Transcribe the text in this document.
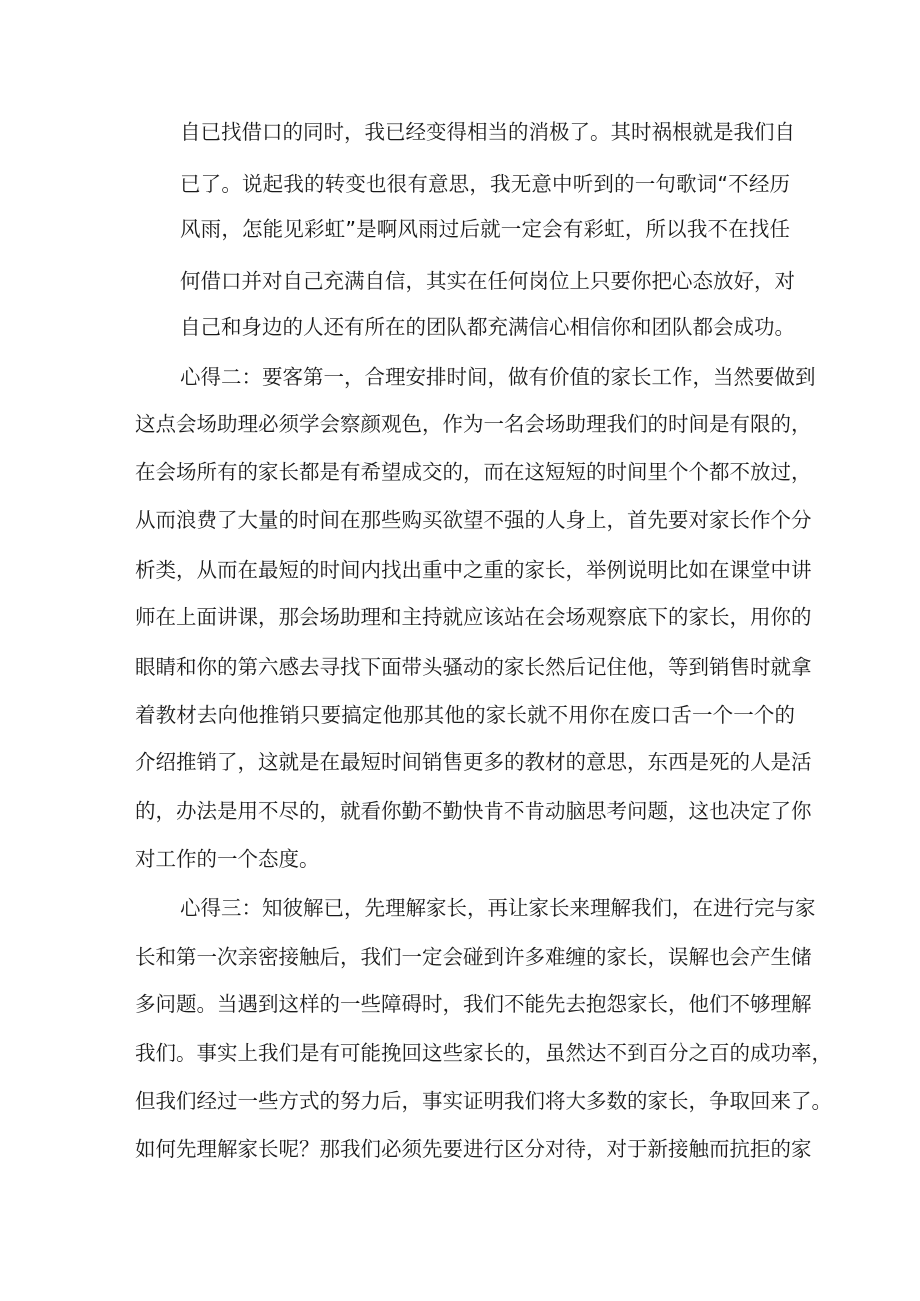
自已找借口的同时，我已经变得相当的消极了。其时祸根就是我们自
已了。说起我的转变也很有意思，我无意中听到的一句歌词“不经历
风雨，怎能见彩虹”是啊风雨过后就一定会有彩虹，所以我不在找任
何借口并对自己充满自信，其实在任何岗位上只要你把心态放好，对
自己和身边的人还有所在的团队都充满信心相信你和团队都会成功。
心得二：要客第一，合理安排时间，做有价值的家长工作，当然要做到
这点会场助理必须学会察颜观色，作为一名会场助理我们的时间是有限的，
在会场所有的家长都是有希望成交的，而在这短短的时间里个个都不放过，
从而浪费了大量的时间在那些购买欲望不强的人身上，首先要对家长作个分
析类，从而在最短的时间内找出重中之重的家长，举例说明比如在课堂中讲
师在上面讲课，那会场助理和主持就应该站在会场观察底下的家长，用你的
眼睛和你的第六感去寻找下面带头骚动的家长然后记住他，等到销售时就拿
着教材去向他推销只要搞定他那其他的家长就不用你在废口舌一个一个的
介绍推销了，这就是在最短时间销售更多的教材的意思，东西是死的人是活
的，办法是用不尽的，就看你勤不勤快肯不肯动脑思考问题，这也决定了你
对工作的一个态度。
心得三：知彼解已，先理解家长，再让家长来理解我们，在进行完与家
长和第一次亲密接触后，我们一定会碰到许多难缠的家长，误解也会产生储
多问题。当遇到这样的一些障碍时，我们不能先去抱怨家长，他们不够理解
我们。事实上我们是有可能挽回这些家长的，虽然达不到百分之百的成功率，
但我们经过一些方式的努力后，事实证明我们将大多数的家长，争取回来了。
如何先理解家长呢？那我们必须先要进行区分对待，对于新接触而抗拒的家
